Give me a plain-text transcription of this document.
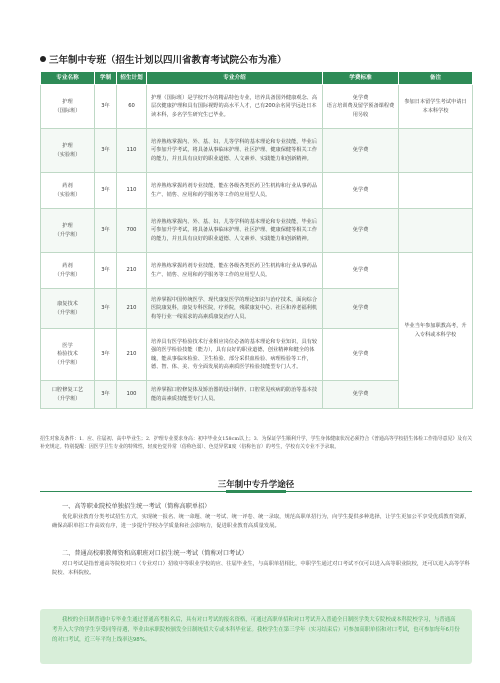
三年制中专班（招生计划以四川省教育考试院公布为准）
专业名称	学制	招生计划	专业介绍	学费标准	备注
护理
（国际班）	3年	60	护理（国际班）是学校开办的精品特色专业，培养具备国外健康观念、高层次健康护理和具有国际视野的高水平人才，已有200余名同学远赴日本读本科，多名学生研究生已毕业。	免学费
语言培训费及留学预备课程费用另收	参加日本留学生考试申请日本本科学校
护理
（实验班）	3年	110	培养熟练掌握内、外、基、妇、儿等学科的基本理论和专业技能，毕业后可参加升学考试，将具备从事临床护理、社区护理、健康保健等相关工作的能力，并且具有良好的职业道德、人文素养、实践能力和创新精神。	免学费	
药剂
（实验班）	3年	110	培养熟练掌握药剂专业技能，能在各级各类医药卫生机构和行业从事药品生产、销售、应用和药学服务等工作的应用型人员。	免学费	
护理
（升学班）	3年	700	培养熟练掌握内、外、基、妇、儿等学科的基本理论和专业技能，毕业后可参加升学考试，将具备从事临床护理、社区护理、健康保健等相关工作的能力，并且具有良好的职业道德、人文素养、实践能力和创新精神。	免学费	
药剂
（升学班）	3年	210	培养熟练掌握药剂专业技能，能在各级各类医药卫生机构和行业从事药品生产、销售、应用和药学服务等工作的应用型人员。	免学费	毕业当年参加职教高考，升入专科或本科学校
康复技术
（升学班）	3年	210	培养掌握中国传统医学、现代康复医学的理论知识与治疗技术，面向综合医院康复科，康复专科医院，疗养院，残联康复中心、社区和养老福利机构等行业一线需求的高素质康复治疗人员。	免学费	
医学
检验技术
（升学班）	3年	210	培养具有医学检验技术行业相应岗位必备的基本理论和专业知识，具有较强的医学检验技能（能力），具有良好的职业道德，创业精神和健全的体魄，能从事临床检验、卫生检验、部分采供血检验、病理检验等工作，德、智、体、美、劳全面发展的高素质医学检验技能型专门人才。	免学费	
口腔修复工艺
（升学班）	3年	100	培养掌握口腔修复体及矫治器的设计制作、口腔常见疾病的防治等基本技能的高素质技能型专门人员。	免学费	
招生对象及条件：1．应、往届初、高中毕业生；2．护理专业要求身高：初中毕业女158cm以上；3．为保证学生顺利升学，学生身体健康状况必须符合《普通高等学校招生体检工作指导意见》及有关补充规定。特别提醒：因医学卫生专业的特殊性，轻度色觉异常（俗称色弱）、色觉异常Ⅱ度（俗称色盲）的考生，学校有关专业不予录取。
三年制中专升学途径
一、高等职业院校单独招生统一考试（简称高职单招）
优化职业教育分类考试招生方式，实现统一报名、统一命题、统一考试、统一评卷、统一录取，规范高职单招行为，向学生提供多种选择，让学生更加公平享受优质教育资源，确保高职单招工作高效有序，进一步提升学校办学质量和社会影响力，促进职业教育高质量发展。
二、普通高校职教师资和高职班对口招生统一考试（简称对口考试）
对口考试是指普通高等院校对口（专业对口）招收中等职业学校的应、往届毕业生，与高职单招相比，中职学生通过对口考试不仅可以进入高等职业院校，还可以进入高等学科院校、本科院校。
我校的全日制普通中专毕业生通过普通高考报名后，具有对口考试的报名资格，可通过高职单招和对口考试升入普通全日制医学类大专院校或本科院校学习，与普通高考升入大学的学生享受同等待遇，毕业由承职院校颁发全日制统招大专或本科毕业证。我校学生在第三学年（实习结束后）可参加高职单招和对口考试，也可参加每年6月份的对口考试，近三年平均上线率达98%。
